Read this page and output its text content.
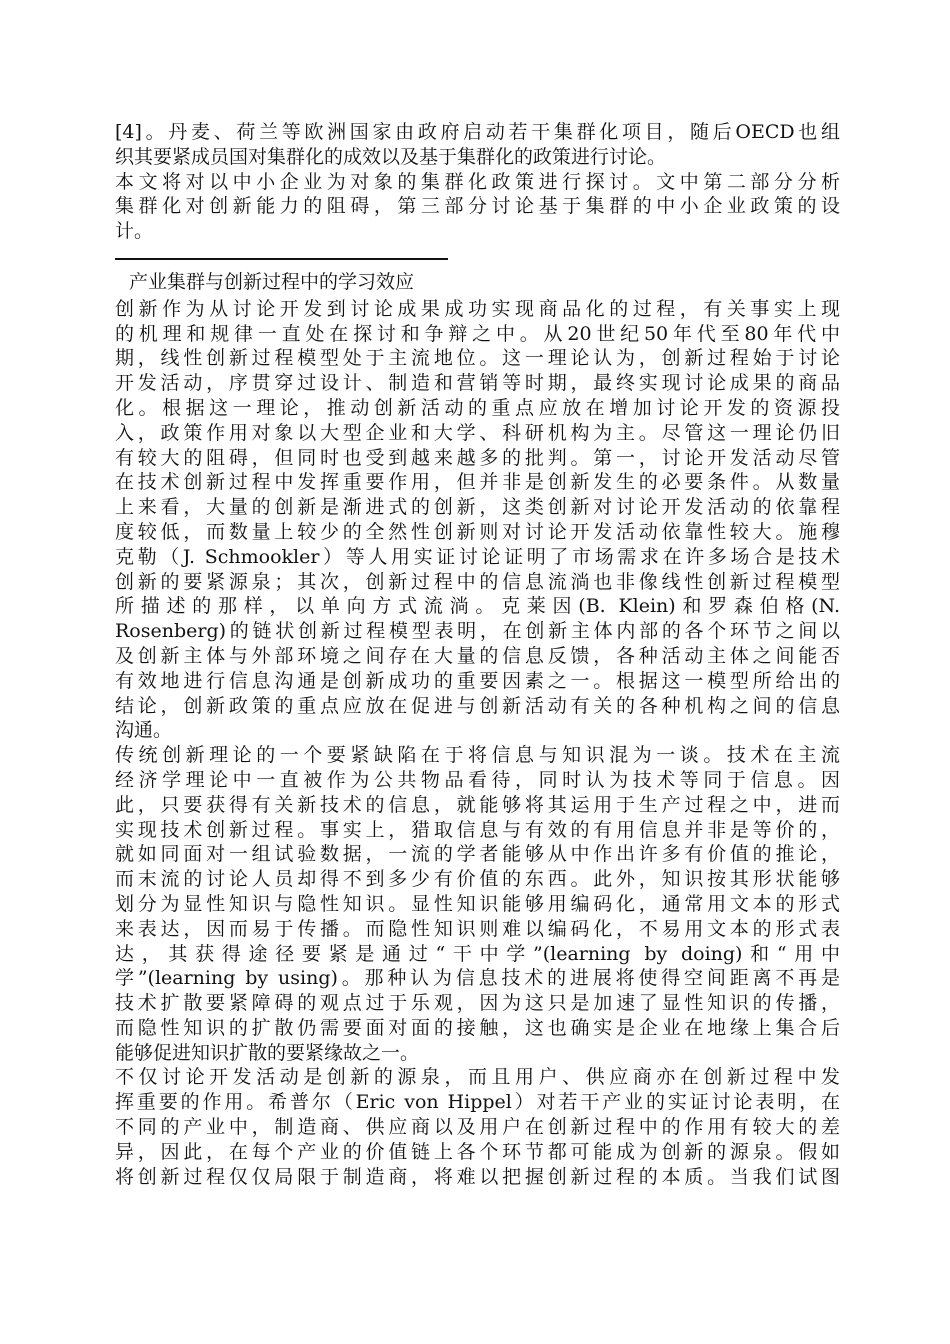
[4]。丹麦、荷兰等欧洲国家由政府启动若干集群化项目，随后OECD也组
织其要紧成员国对集群化的成效以及基于集群化的政策进行讨论。
本文将对以中小企业为对象的集群化政策进行探讨。文中第二部分分析
集群化对创新能力的阻碍，第三部分讨论基于集群的中小企业政策的设
计。
产业集群与创新过程中的学习效应
创新作为从讨论开发到讨论成果成功实现商品化的过程，有关事实上现
的机理和规律一直处在探讨和争辩之中。从20世纪50年代至80年代中
期，线性创新过程模型处于主流地位。这一理论认为，创新过程始于讨论
开发活动，序贯穿过设计、制造和营销等时期，最终实现讨论成果的商品
化。根据这一理论，推动创新活动的重点应放在增加讨论开发的资源投
入，政策作用对象以大型企业和大学、科研机构为主。尽管这一理论仍旧
有较大的阻碍，但同时也受到越来越多的批判。第一，讨论开发活动尽管
在技术创新过程中发挥重要作用，但并非是创新发生的必要条件。从数量
上来看，大量的创新是渐进式的创新，这类创新对讨论开发活动的依靠程
度较低，而数量上较少的全然性创新则对讨论开发活动依靠性较大。施穆
克勒（J. Schmookler）等人用实证讨论证明了市场需求在许多场合是技术
创新的要紧源泉；其次，创新过程中的信息流淌也非像线性创新过程模型
所描述的那样，以单向方式流淌。克莱因(B. Klein)和罗森伯格(N.
Rosenberg)的链状创新过程模型表明，在创新主体内部的各个环节之间以
及创新主体与外部环境之间存在大量的信息反馈，各种活动主体之间能否
有效地进行信息沟通是创新成功的重要因素之一。根据这一模型所给出的
结论，创新政策的重点应放在促进与创新活动有关的各种机构之间的信息
沟通。
传统创新理论的一个要紧缺陷在于将信息与知识混为一谈。技术在主流
经济学理论中一直被作为公共物品看待，同时认为技术等同于信息。因
此，只要获得有关新技术的信息，就能够将其运用于生产过程之中，进而
实现技术创新过程。事实上，猎取信息与有效的有用信息并非是等价的，
就如同面对一组试验数据，一流的学者能够从中作出许多有价值的推论，
而末流的讨论人员却得不到多少有价值的东西。此外，知识按其形状能够
划分为显性知识与隐性知识。显性知识能够用编码化，通常用文本的形式
来表达，因而易于传播。而隐性知识则难以编码化，不易用文本的形式表
达，其获得途径要紧是通过“干中学”(learning by doing)和“用中
学”(learning by using)。那种认为信息技术的进展将使得空间距离不再是
技术扩散要紧障碍的观点过于乐观，因为这只是加速了显性知识的传播，
而隐性知识的扩散仍需要面对面的接触，这也确实是企业在地缘上集合后
能够促进知识扩散的要紧缘故之一。
不仅讨论开发活动是创新的源泉，而且用户、供应商亦在创新过程中发
挥重要的作用。希普尔（Eric von Hippel）对若干产业的实证讨论表明，在
不同的产业中，制造商、供应商以及用户在创新过程中的作用有较大的差
异，因此，在每个产业的价值链上各个环节都可能成为创新的源泉。假如
将创新过程仅仅局限于制造商，将难以把握创新过程的本质。当我们试图
